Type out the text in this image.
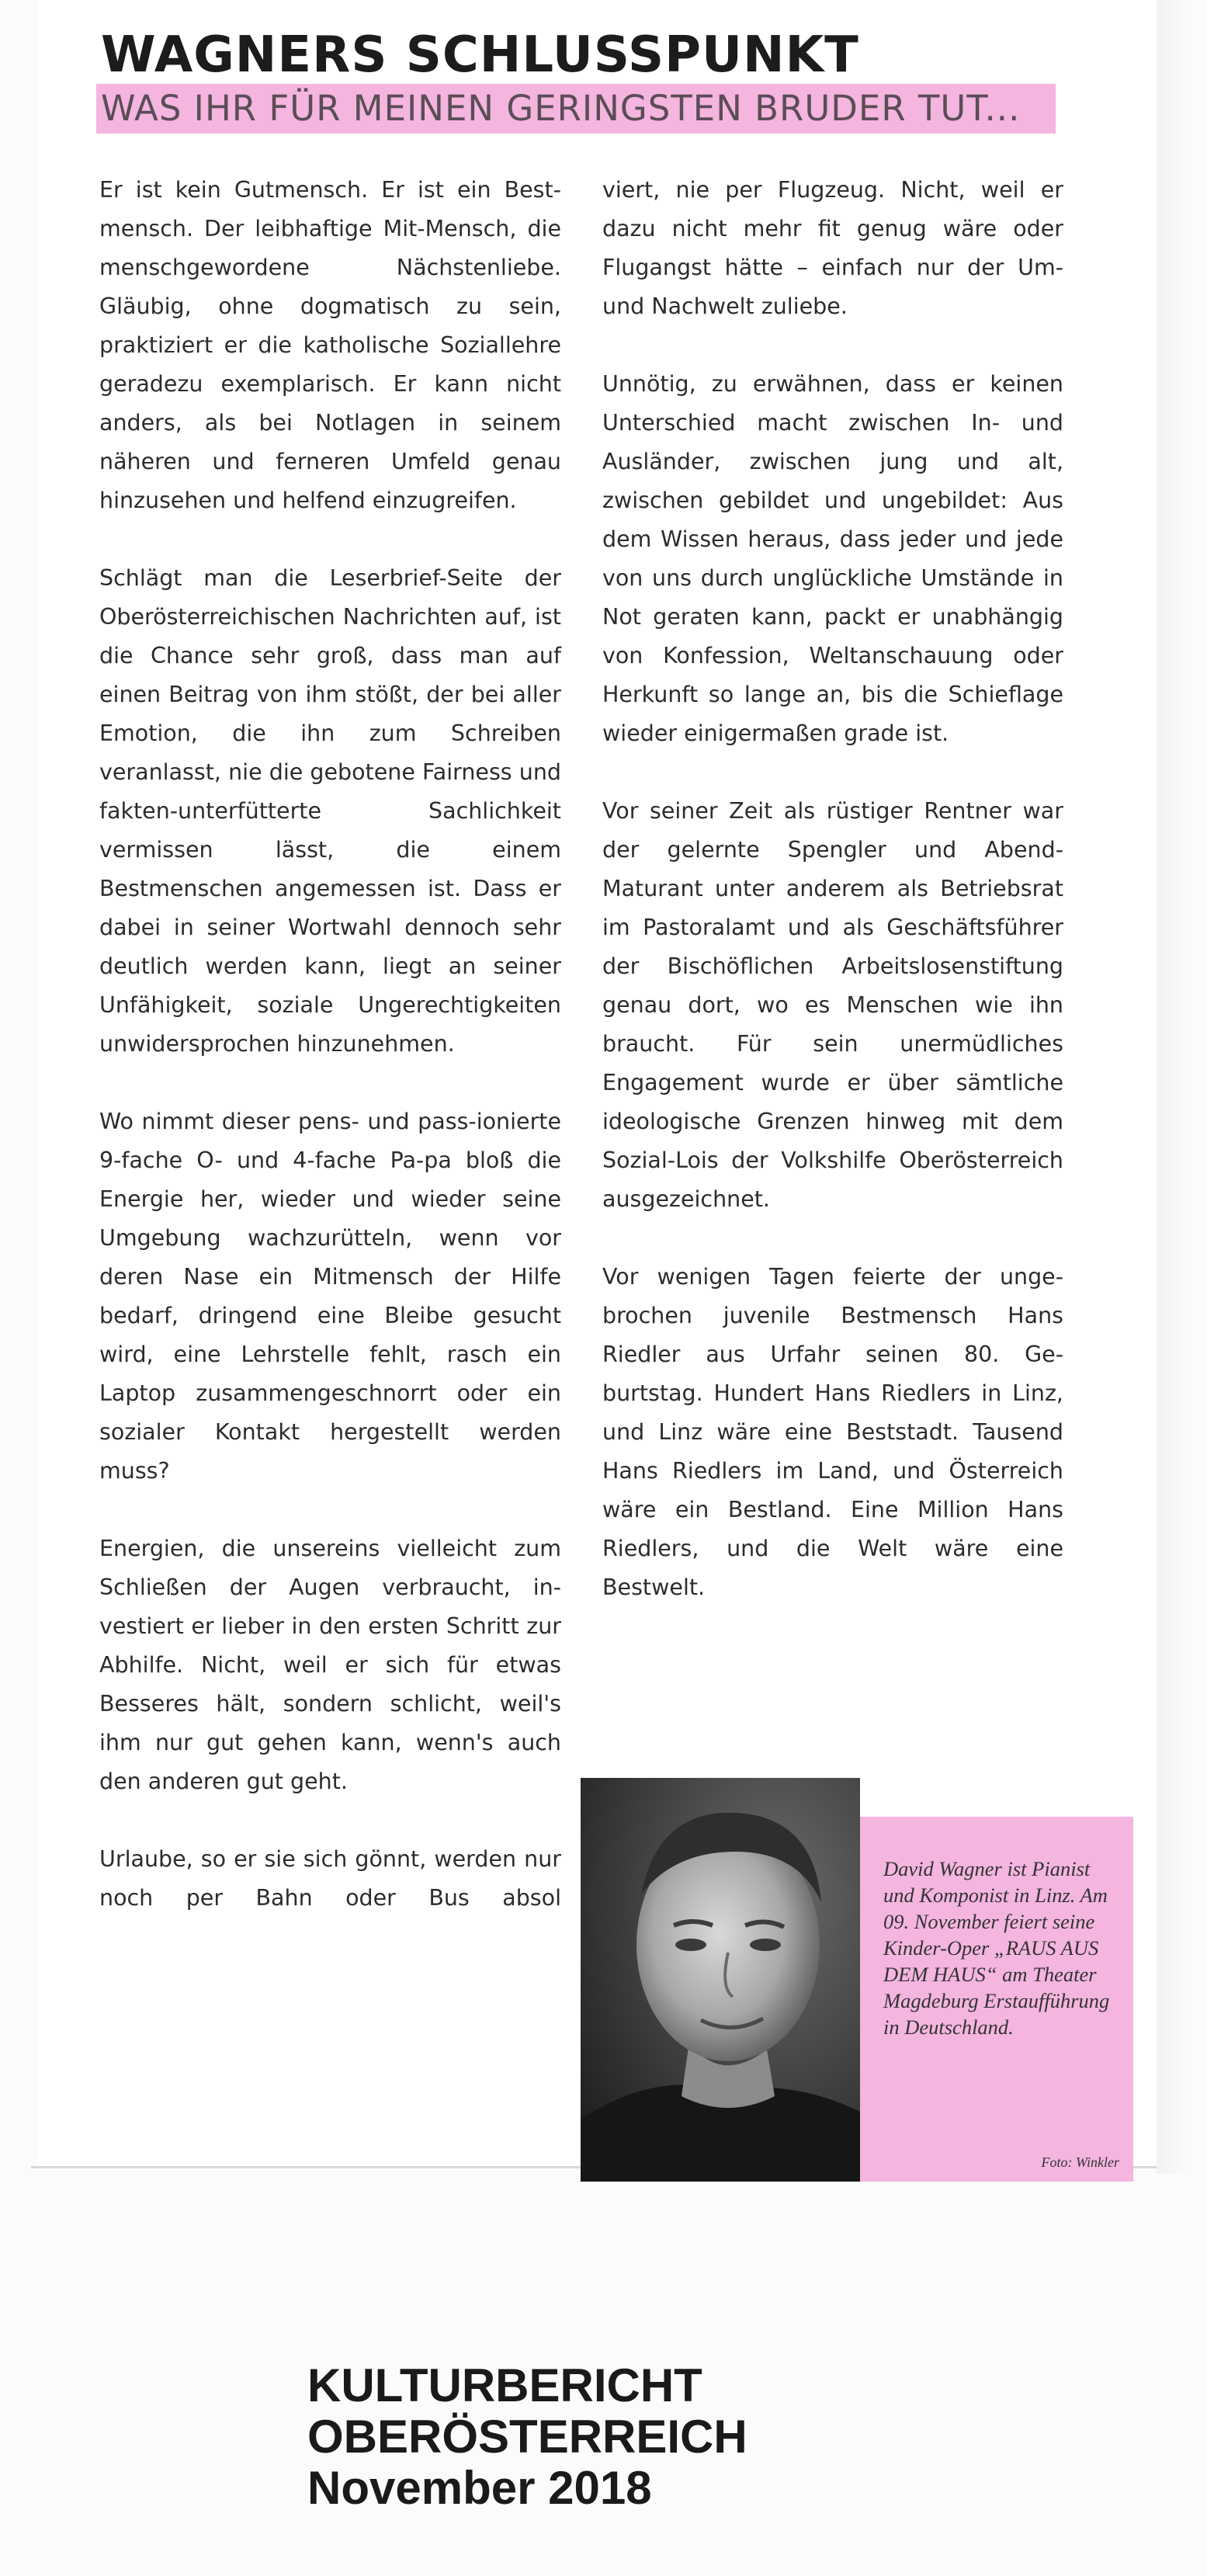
WAGNERS SCHLUSSPUNKT
WAS IHR FÜR MEINEN GERINGSTEN BRUDER TUT...

Er ist kein Gutmensch. Er ist ein Bestmensch. Der leibhaftige Mit-Mensch, die menschgewordene Nächstenliebe. Gläubig, ohne dogmatisch zu sein, praktiziert er die katholische Soziallehre geradezu exemplarisch. Er kann nicht anders, als bei Notlagen in seinem näheren und ferneren Umfeld genau hinzusehen und helfend einzugreifen.

Schlägt man die Leserbrief-Seite der Oberösterreichischen Nachrichten auf, ist die Chance sehr groß, dass man auf einen Beitrag von ihm stößt, der bei aller Emotion, die ihn zum Schreiben veranlasst, nie die gebotene Fairness und fakten-unterfütterte Sachlichkeit vermissen lässt, die einem Bestmenschen angemessen ist. Dass er dabei in seiner Wortwahl dennoch sehr deutlich werden kann, liegt an seiner Unfähigkeit, soziale Ungerechtigkeiten unwidersprochen hinzunehmen.

Wo nimmt dieser pens- und pass-ionierte 9-fache O- und 4-fache Pa-pa bloß die Energie her, wieder und wieder seine Umgebung wachzurütteln, wenn vor deren Nase ein Mitmensch der Hilfe bedarf, dringend eine Bleibe gesucht wird, eine Lehrstelle fehlt, rasch ein Laptop zusammengeschnorrt oder ein sozialer Kontakt hergestellt werden muss?

Energien, die unsereins vielleicht zum Schließen der Augen verbraucht, investiert er lieber in den ersten Schritt zur Abhilfe. Nicht, weil er sich für etwas Besseres hält, sondern schlicht, weil's ihm nur gut gehen kann, wenn's auch den anderen gut geht.

Urlaube, so er sie sich gönnt, werden nur noch per Bahn oder Bus absol

viert, nie per Flugzeug. Nicht, weil er dazu nicht mehr fit genug wäre oder Flugangst hätte – einfach nur der Um- und Nachwelt zuliebe.

Unnötig, zu erwähnen, dass er keinen Unterschied macht zwischen In- und Ausländer, zwischen jung und alt, zwischen gebildet und ungebildet: Aus dem Wissen heraus, dass jeder und jede von uns durch unglückliche Umstände in Not geraten kann, packt er unabhängig von Konfession, Weltanschauung oder Herkunft so lange an, bis die Schieflage wieder einigermaßen grade ist.

Vor seiner Zeit als rüstiger Rentner war der gelernte Spengler und Abend-Maturant unter anderem als Betriebsrat im Pastoralamt und als Geschäftsführer der Bischöflichen Arbeitslosenstiftung genau dort, wo es Menschen wie ihn braucht. Für sein unermüdliches Engagement wurde er über sämtliche ideologische Grenzen hinweg mit dem Sozial-Lois der Volkshilfe Oberösterreich ausgezeichnet.

Vor wenigen Tagen feierte der ungebrochen juvenile Bestmensch Hans Riedler aus Urfahr seinen 80. Geburtstag. Hundert Hans Riedlers in Linz, und Linz wäre eine Beststadt. Tausend Hans Riedlers im Land, und Österreich wäre ein Bestland. Eine Million Hans Riedlers, und die Welt wäre eine Bestwelt.

David Wagner ist Pianist und Komponist in Linz. Am 09. November feiert seine Kinder-Oper „RAUS AUS DEM HAUS“ am Theater Magdeburg Erstaufführung in Deutschland.
Foto: Winkler
KULTURBERICHT
OBERÖSTERREICH
November 2018
